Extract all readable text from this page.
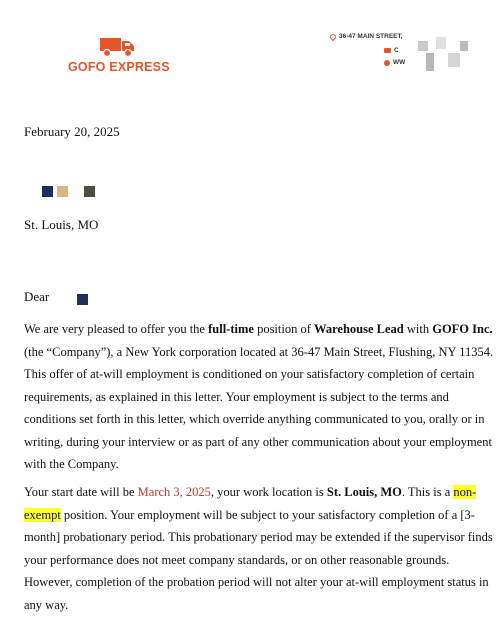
GOFO EXPRESS
36-47 MAIN STREET,
C
WW
February 20, 2025
St. Louis, MO
Dear

We are very pleased to offer you the full-time position of Warehouse Lead with GOFO Inc. (the “Company”), a New York corporation located at 36-47 Main Street, Flushing, NY 11354. This offer of at-will employment is conditioned on your satisfactory completion of certain requirements, as explained in this letter. Your employment is subject to the terms and conditions set forth in this letter, which override anything communicated to you, orally or in writing, during your interview or as part of any other communication about your employment with the Company.

Your start date will be March 3, 2025, your work location is St. Louis, MO. This is a non-exempt position. Your employment will be subject to your satisfactory completion of a [3-month] probationary period. This probationary period may be extended if the supervisor finds your performance does not meet company standards, or on other reasonable grounds. However, completion of the probation period will not alter your at-will employment status in any way.
